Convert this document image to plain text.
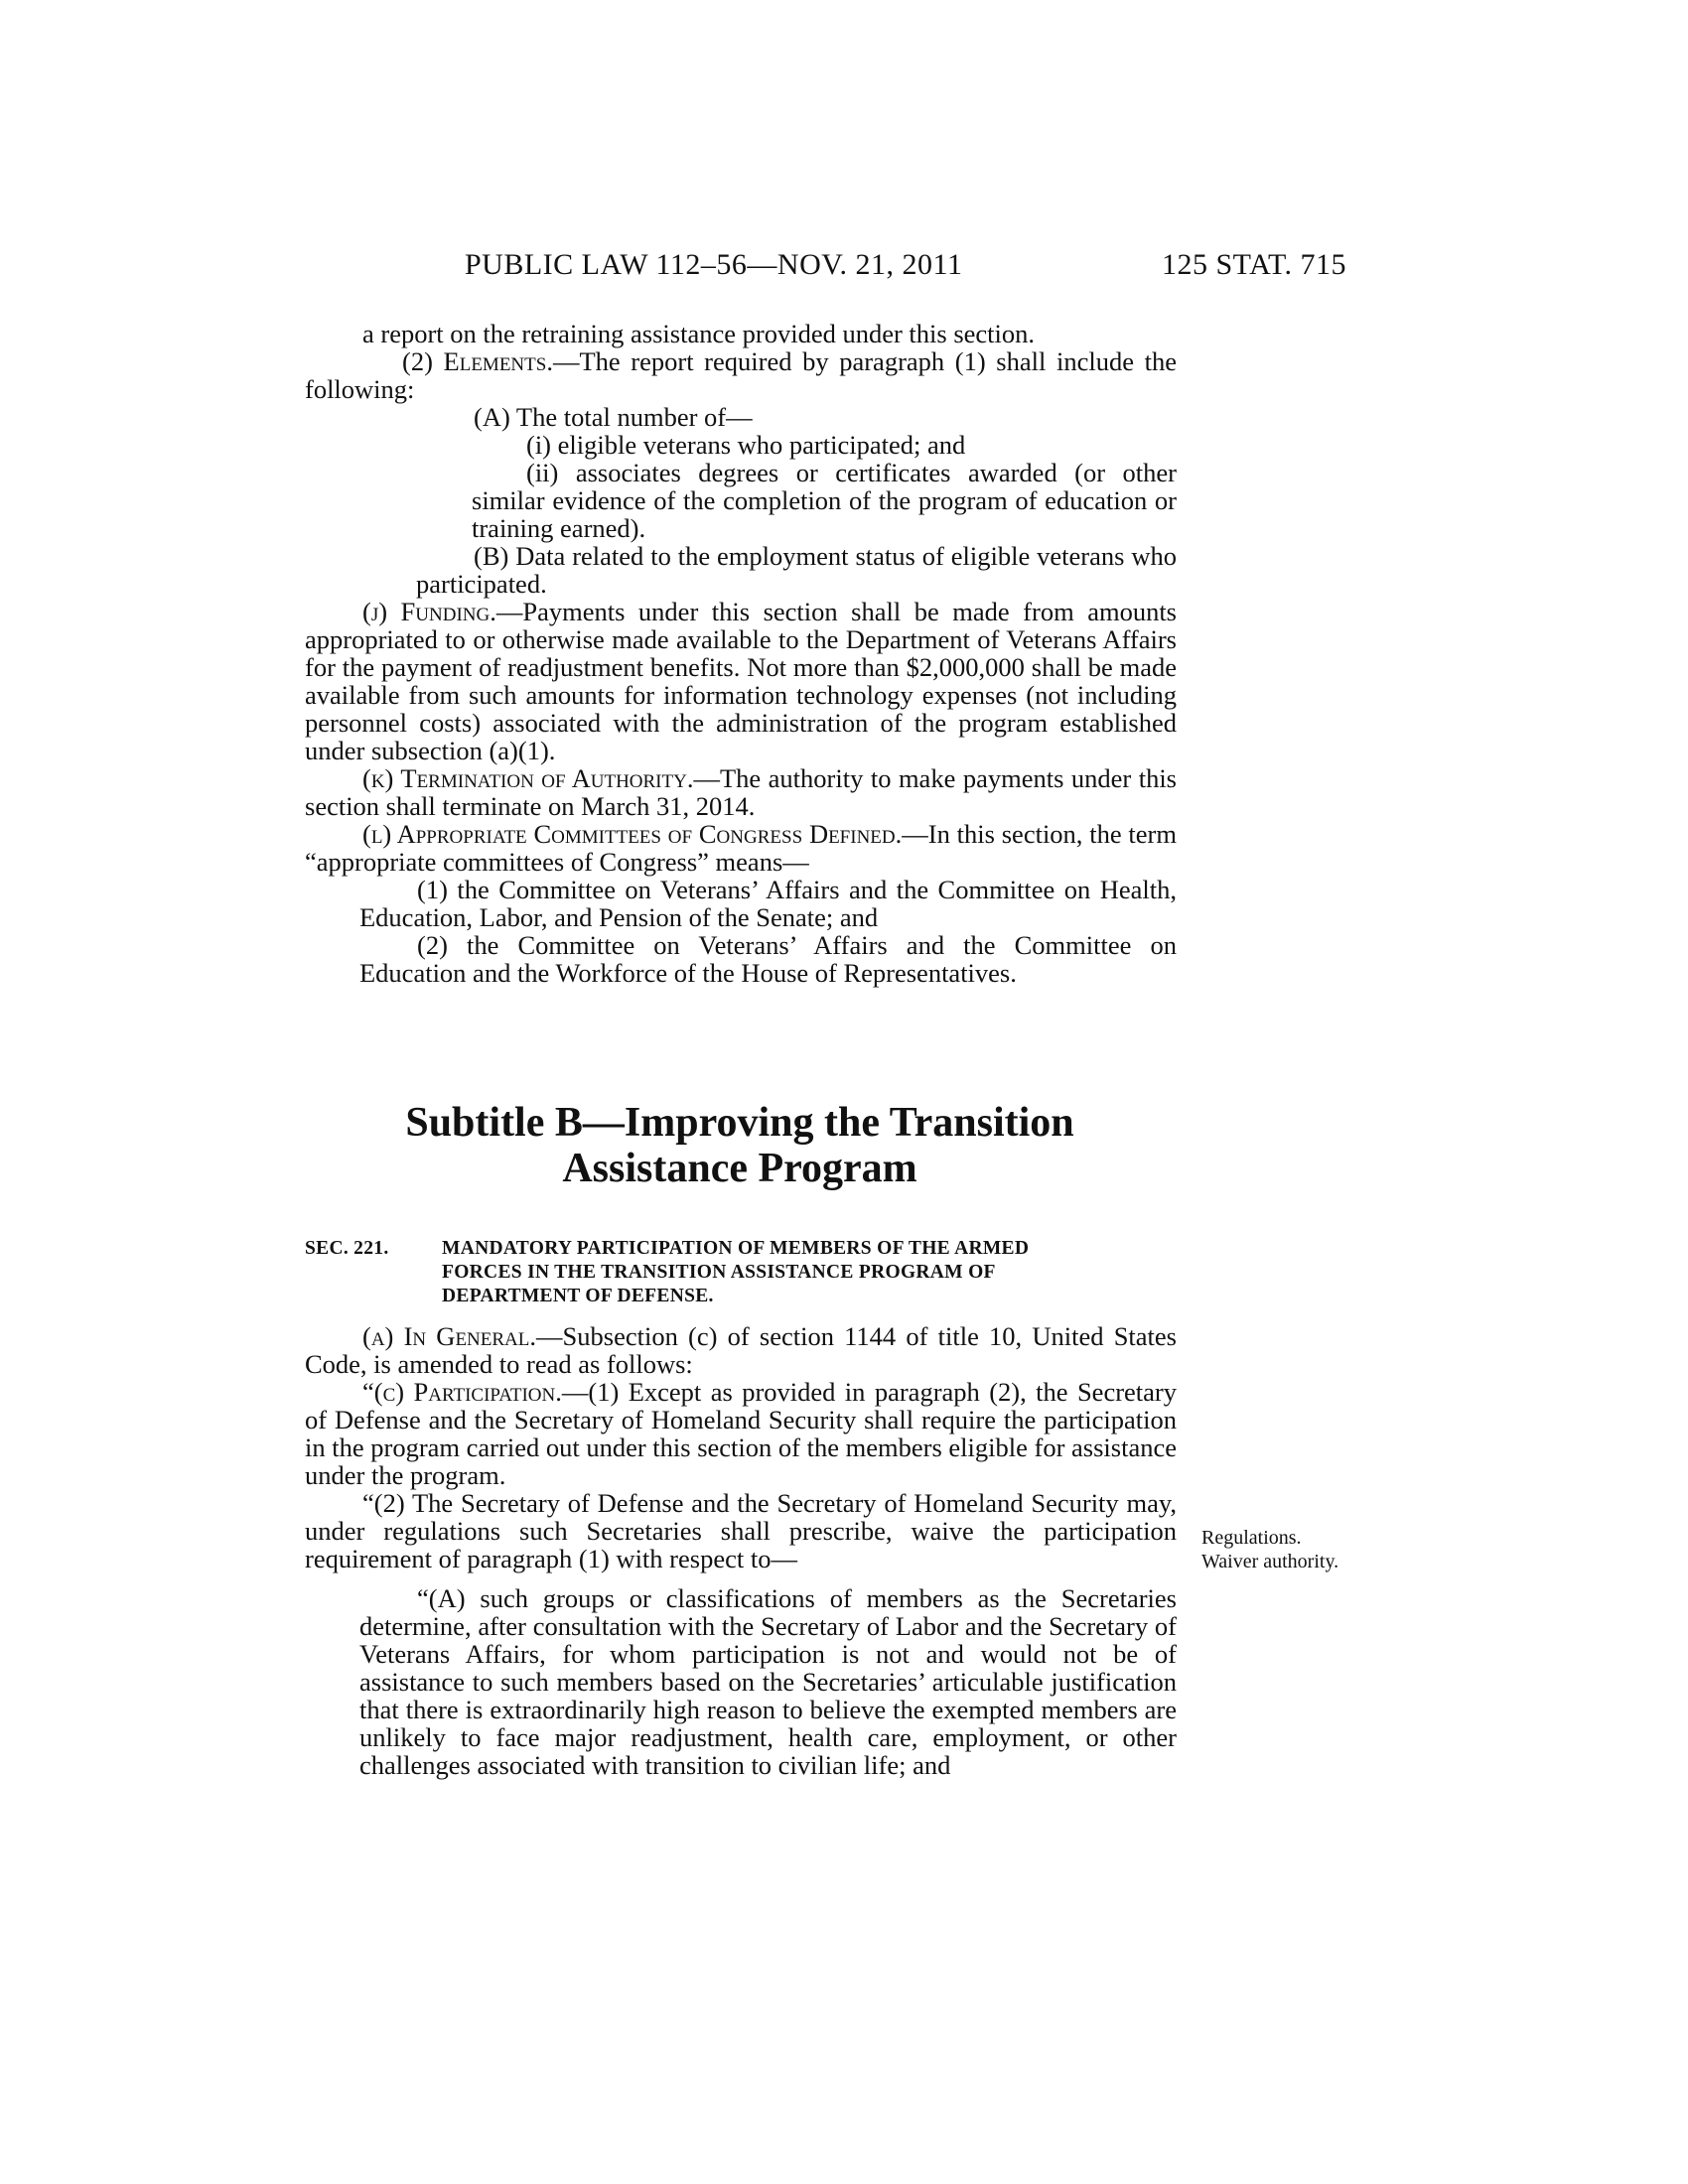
PUBLIC LAW 112–56—NOV. 21, 2011	125 STAT. 715

a report on the retraining assistance provided under this section.

(2) Elements.—The report required by paragraph (1) shall include the following:

(A) The total number of—

(i) eligible veterans who participated; and

(ii) associates degrees or certificates awarded (or other similar evidence of the completion of the program of education or training earned).

(B) Data related to the employment status of eligible veterans who participated.

(j) Funding.—Payments under this section shall be made from amounts appropriated to or otherwise made available to the Department of Veterans Affairs for the payment of readjustment benefits. Not more than $2,000,000 shall be made available from such amounts for information technology expenses (not including personnel costs) associated with the administration of the program established under subsection (a)(1).

(k) Termination of Authority.—The authority to make payments under this section shall terminate on March 31, 2014.

(l) Appropriate Committees of Congress Defined.—In this section, the term “appropriate committees of Congress” means—

(1) the Committee on Veterans’ Affairs and the Committee on Health, Education, Labor, and Pension of the Senate; and

(2) the Committee on Veterans’ Affairs and the Committee on Education and the Workforce of the House of Representatives.

Subtitle B—Improving the Transition
Assistance Program
SEC. 221.	MANDATORY PARTICIPATION OF MEMBERS OF THE ARMED
FORCES IN THE TRANSITION ASSISTANCE PROGRAM OF
DEPARTMENT OF DEFENSE.

(a) In General.—Subsection (c) of section 1144 of title 10, United States Code, is amended to read as follows:

“(c) Participation.—(1) Except as provided in paragraph (2), the Secretary of Defense and the Secretary of Homeland Security shall require the participation in the program carried out under this section of the members eligible for assistance under the program.

“(2) The Secretary of Defense and the Secretary of Homeland Security may, under regulations such Secretaries shall prescribe, waive the participation requirement of paragraph (1) with respect to—

“(A) such groups or classifications of members as the Secretaries determine, after consultation with the Secretary of Labor and the Secretary of Veterans Affairs, for whom participation is not and would not be of assistance to such members based on the Secretaries’ articulable justification that there is extraordinarily high reason to believe the exempted members are unlikely to face major readjustment, health care, employment, or other challenges associated with transition to civilian life; and

Regulations.
Waiver authority.
